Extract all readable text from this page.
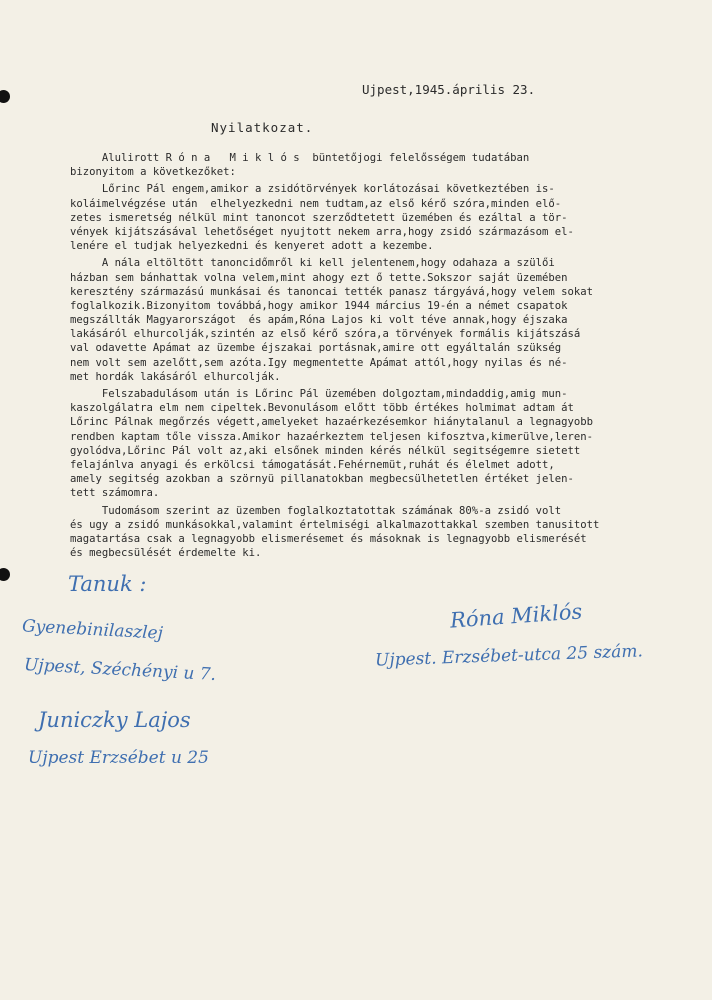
Ujpest,1945.április 23.
Nyilatkozat.
Alulirott R ó n a   M i k l ó s  büntetőjogi felelősségem tudatában
bizonyitom a következőket:
Lőrinc Pál engem,amikor a zsidótörvények korlátozásai következtében is-
koláimelvégzése után  elhelyezkedni nem tudtam,az első kérő szóra,minden elő-
zetes ismeretség nélkül mint tanoncot szerződtetett üzemében és ezáltal a tör-
vények kijátszásával lehetőséget nyujtott nekem arra,hogy zsidó származásom el-
lenére el tudjak helyezkedni és kenyeret adott a kezembe.
A nála eltöltött tanoncidőmről ki kell jelentenem,hogy odahaza a szülői
házban sem bánhattak volna velem,mint ahogy ezt ő tette.Sokszor saját üzemében
keresztény származású munkásai és tanoncai tették panasz tárgyává,hogy velem sokat
foglalkozik.Bizonyitom továbbá,hogy amikor 1944 március 19-én a német csapatok
megszállták Magyarországot  és apám,Róna Lajos ki volt téve annak,hogy éjszaka
lakásáról elhurcolják,szintén az első kérő szóra,a törvények formális kijátszásá
val odavette Apámat az üzembe éjszakai portásnak,amire ott egyáltalán szükség
nem volt sem azelőtt,sem azóta.Igy megmentette Apámat attól,hogy nyilas és né-
met hordák lakásáról elhurcolják.
Felszabadulásom után is Lőrinc Pál üzemében dolgoztam,mindaddig,amig mun-
kaszolgálatra elm nem cipeltek.Bevonulásom előtt több értékes holmimat adtam át
Lőrinc Pálnak megőrzés végett,amelyeket hazaérkezésemkor hiánytalanul a legnagyobb
rendben kaptam tőle vissza.Amikor hazaérkeztem teljesen kifosztva,kimerülve,leren-
gyolódva,Lőrinc Pál volt az,aki elsőnek minden kérés nélkül segitségemre sietett
felajánlva anyagi és erkölcsi támogatását.Fehérnemüt,ruhát és élelmet adott,
amely segitség azokban a szörnyü pillanatokban megbecsülhetetlen értéket jelen-
tett számomra.
Tudomásom szerint az üzemben foglalkoztatottak számának 80%-a zsidó volt
és ugy a zsidó munkásokkal,valamint értelmiségi alkalmazottakkal szemben tanusitott
magatartása csak a legnagyobb elismerésemet és másoknak is legnagyobb elismerését
és megbecsülését érdemelte ki.
Tanuk :
Gyenebinilaszlej
Ujpest, Széchényi u 7.
Juniczky Lajos
Ujpest Erzsébet u 25
Róna Miklós
Ujpest. Erzsébet-utca 25 szám.
